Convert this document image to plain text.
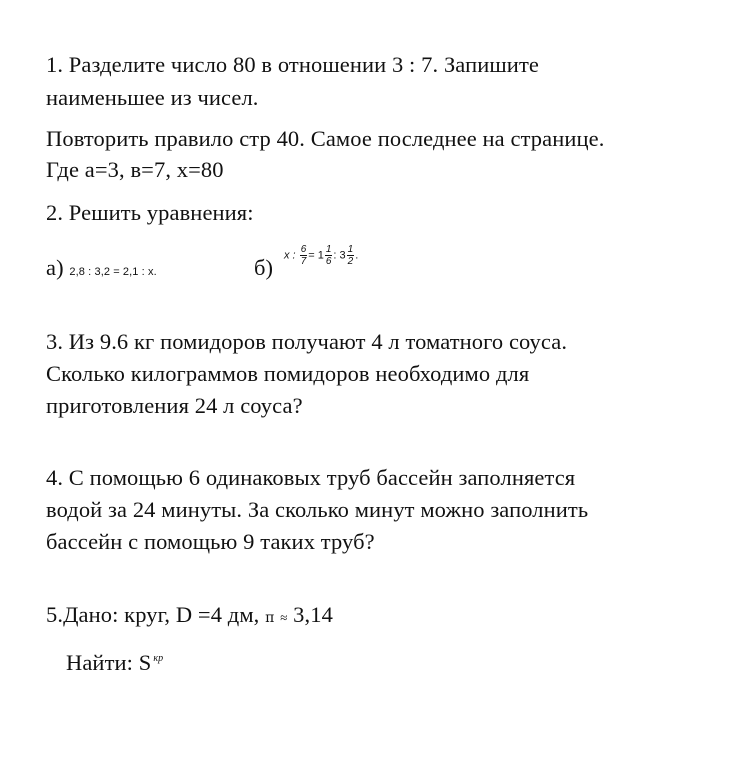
1. Разделите число 80 в отношении 3 : 7. Запишите
наименьшее из чисел.
Повторить правило стр 40. Самое последнее на странице.
Где а=3, в=7, х=80
2. Решить уравнения:
а) 2,8 : 3,2 = 2,1 : x.	б) x : $\frac{6}{7} = 1 \frac{1}{6}$ : $3 \frac{1}{2}$ .
3. Из 9.6 кг помидоров получают 4 л томатного соуса.
Сколько килограммов помидоров необходимо для
приготовления 24 л соуса?
4. С помощью 6 одинаковых труб бассейн заполняется
водой за 24 минуты. За сколько минут можно заполнить
бассейн с помощью 9 таких труб?
5.Дано: круг, D =4 дм, π ≈ 3,14
Найти: S $^{кр}$
